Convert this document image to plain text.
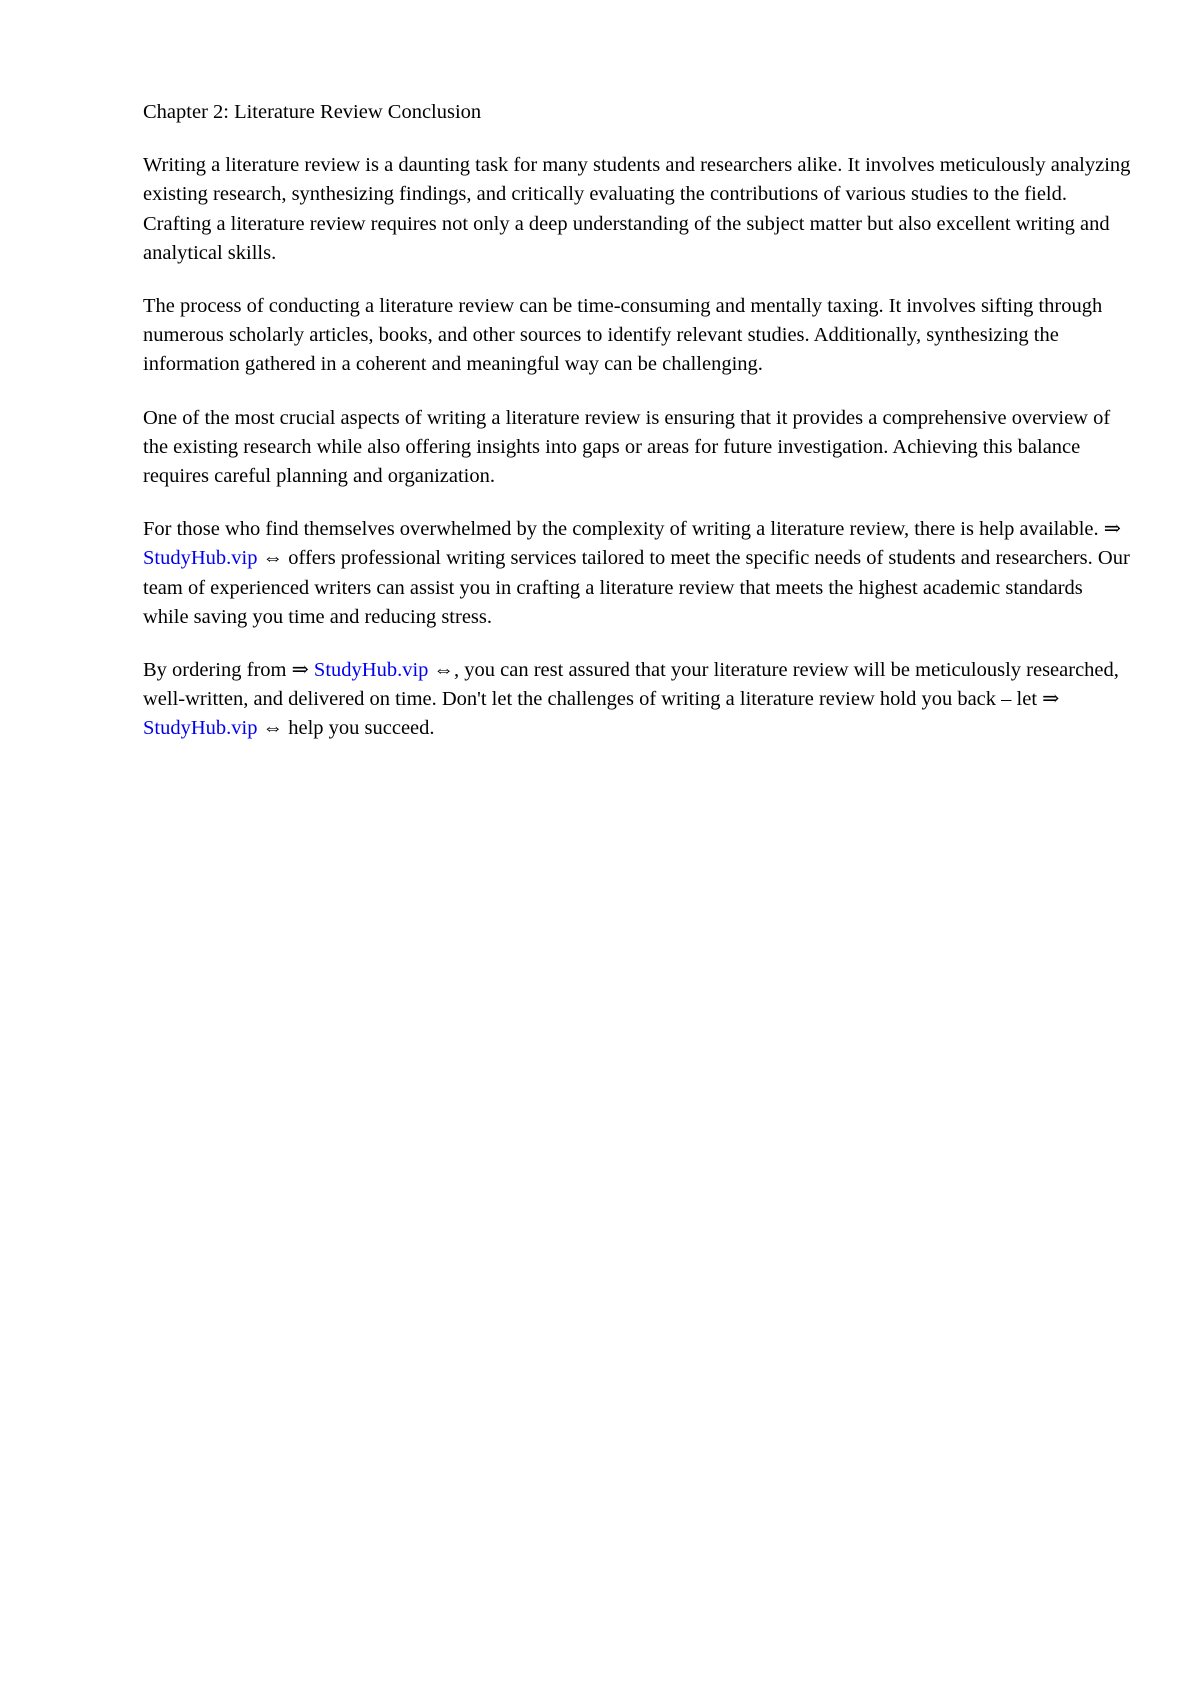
Chapter 2: Literature Review Conclusion

Writing a literature review is a daunting task for many students and researchers alike. It involves meticulously analyzing existing research, synthesizing findings, and critically evaluating the contributions of various studies to the field. Crafting a literature review requires not only a deep understanding of the subject matter but also excellent writing and analytical skills.

The process of conducting a literature review can be time-consuming and mentally taxing. It involves sifting through numerous scholarly articles, books, and other sources to identify relevant studies. Additionally, synthesizing the information gathered in a coherent and meaningful way can be challenging.

One of the most crucial aspects of writing a literature review is ensuring that it provides a comprehensive overview of the existing research while also offering insights into gaps or areas for future investigation. Achieving this balance requires careful planning and organization.

For those who find themselves overwhelmed by the complexity of writing a literature review, there is help available. ⇒ StudyHub.vip ⇔ offers professional writing services tailored to meet the specific needs of students and researchers. Our team of experienced writers can assist you in crafting a literature review that meets the highest academic standards while saving you time and reducing stress.

By ordering from ⇒ StudyHub.vip ⇔, you can rest assured that your literature review will be meticulously researched, well-written, and delivered on time. Don't let the challenges of writing a literature review hold you back – let ⇒ StudyHub.vip ⇔ help you succeed.
